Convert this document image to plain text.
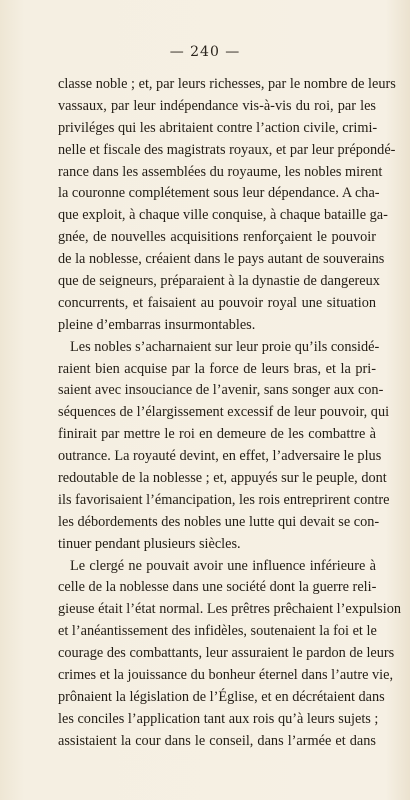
— 240 —
classe noble ; et, par leurs richesses, par le nombre de leurs
vassaux, par leur indépendance vis-à-vis du roi, par les
priviléges qui les abritaient contre l’action civile, crimi-
nelle et fiscale des magistrats royaux, et par leur prépondé-
rance dans les assemblées du royaume, les nobles mirent
la couronne complétement sous leur dépendance. A cha-
que exploit, à chaque ville conquise, à chaque bataille ga-
gnée, de nouvelles acquisitions renforçaient le pouvoir
de la noblesse, créaient dans le pays autant de souverains
que de seigneurs, préparaient à la dynastie de dangereux
concurrents, et faisaient au pouvoir royal une situation
pleine d’embarras insurmontables.
Les nobles s’acharnaient sur leur proie qu’ils considé-
raient bien acquise par la force de leurs bras, et la pri-
saient avec insouciance de l’avenir, sans songer aux con-
séquences de l’élargissement excessif de leur pouvoir, qui
finirait par mettre le roi en demeure de les combattre à
outrance. La royauté devint, en effet, l’adversaire le plus
redoutable de la noblesse ; et, appuyés sur le peuple, dont
ils favorisaient l’émancipation, les rois entreprirent contre
les débordements des nobles une lutte qui devait se con-
tinuer pendant plusieurs siècles.
Le clergé ne pouvait avoir une influence inférieure à
celle de la noblesse dans une société dont la guerre reli-
gieuse était l’état normal. Les prêtres prêchaient l’expulsion
et l’anéantissement des infidèles, soutenaient la foi et le
courage des combattants, leur assuraient le pardon de leurs
crimes et la jouissance du bonheur éternel dans l’autre vie,
prônaient la législation de l’Église, et en décrétaient dans
les conciles l’application tant aux rois qu’à leurs sujets ;
assistaient la cour dans le conseil, dans l’armée et dans
